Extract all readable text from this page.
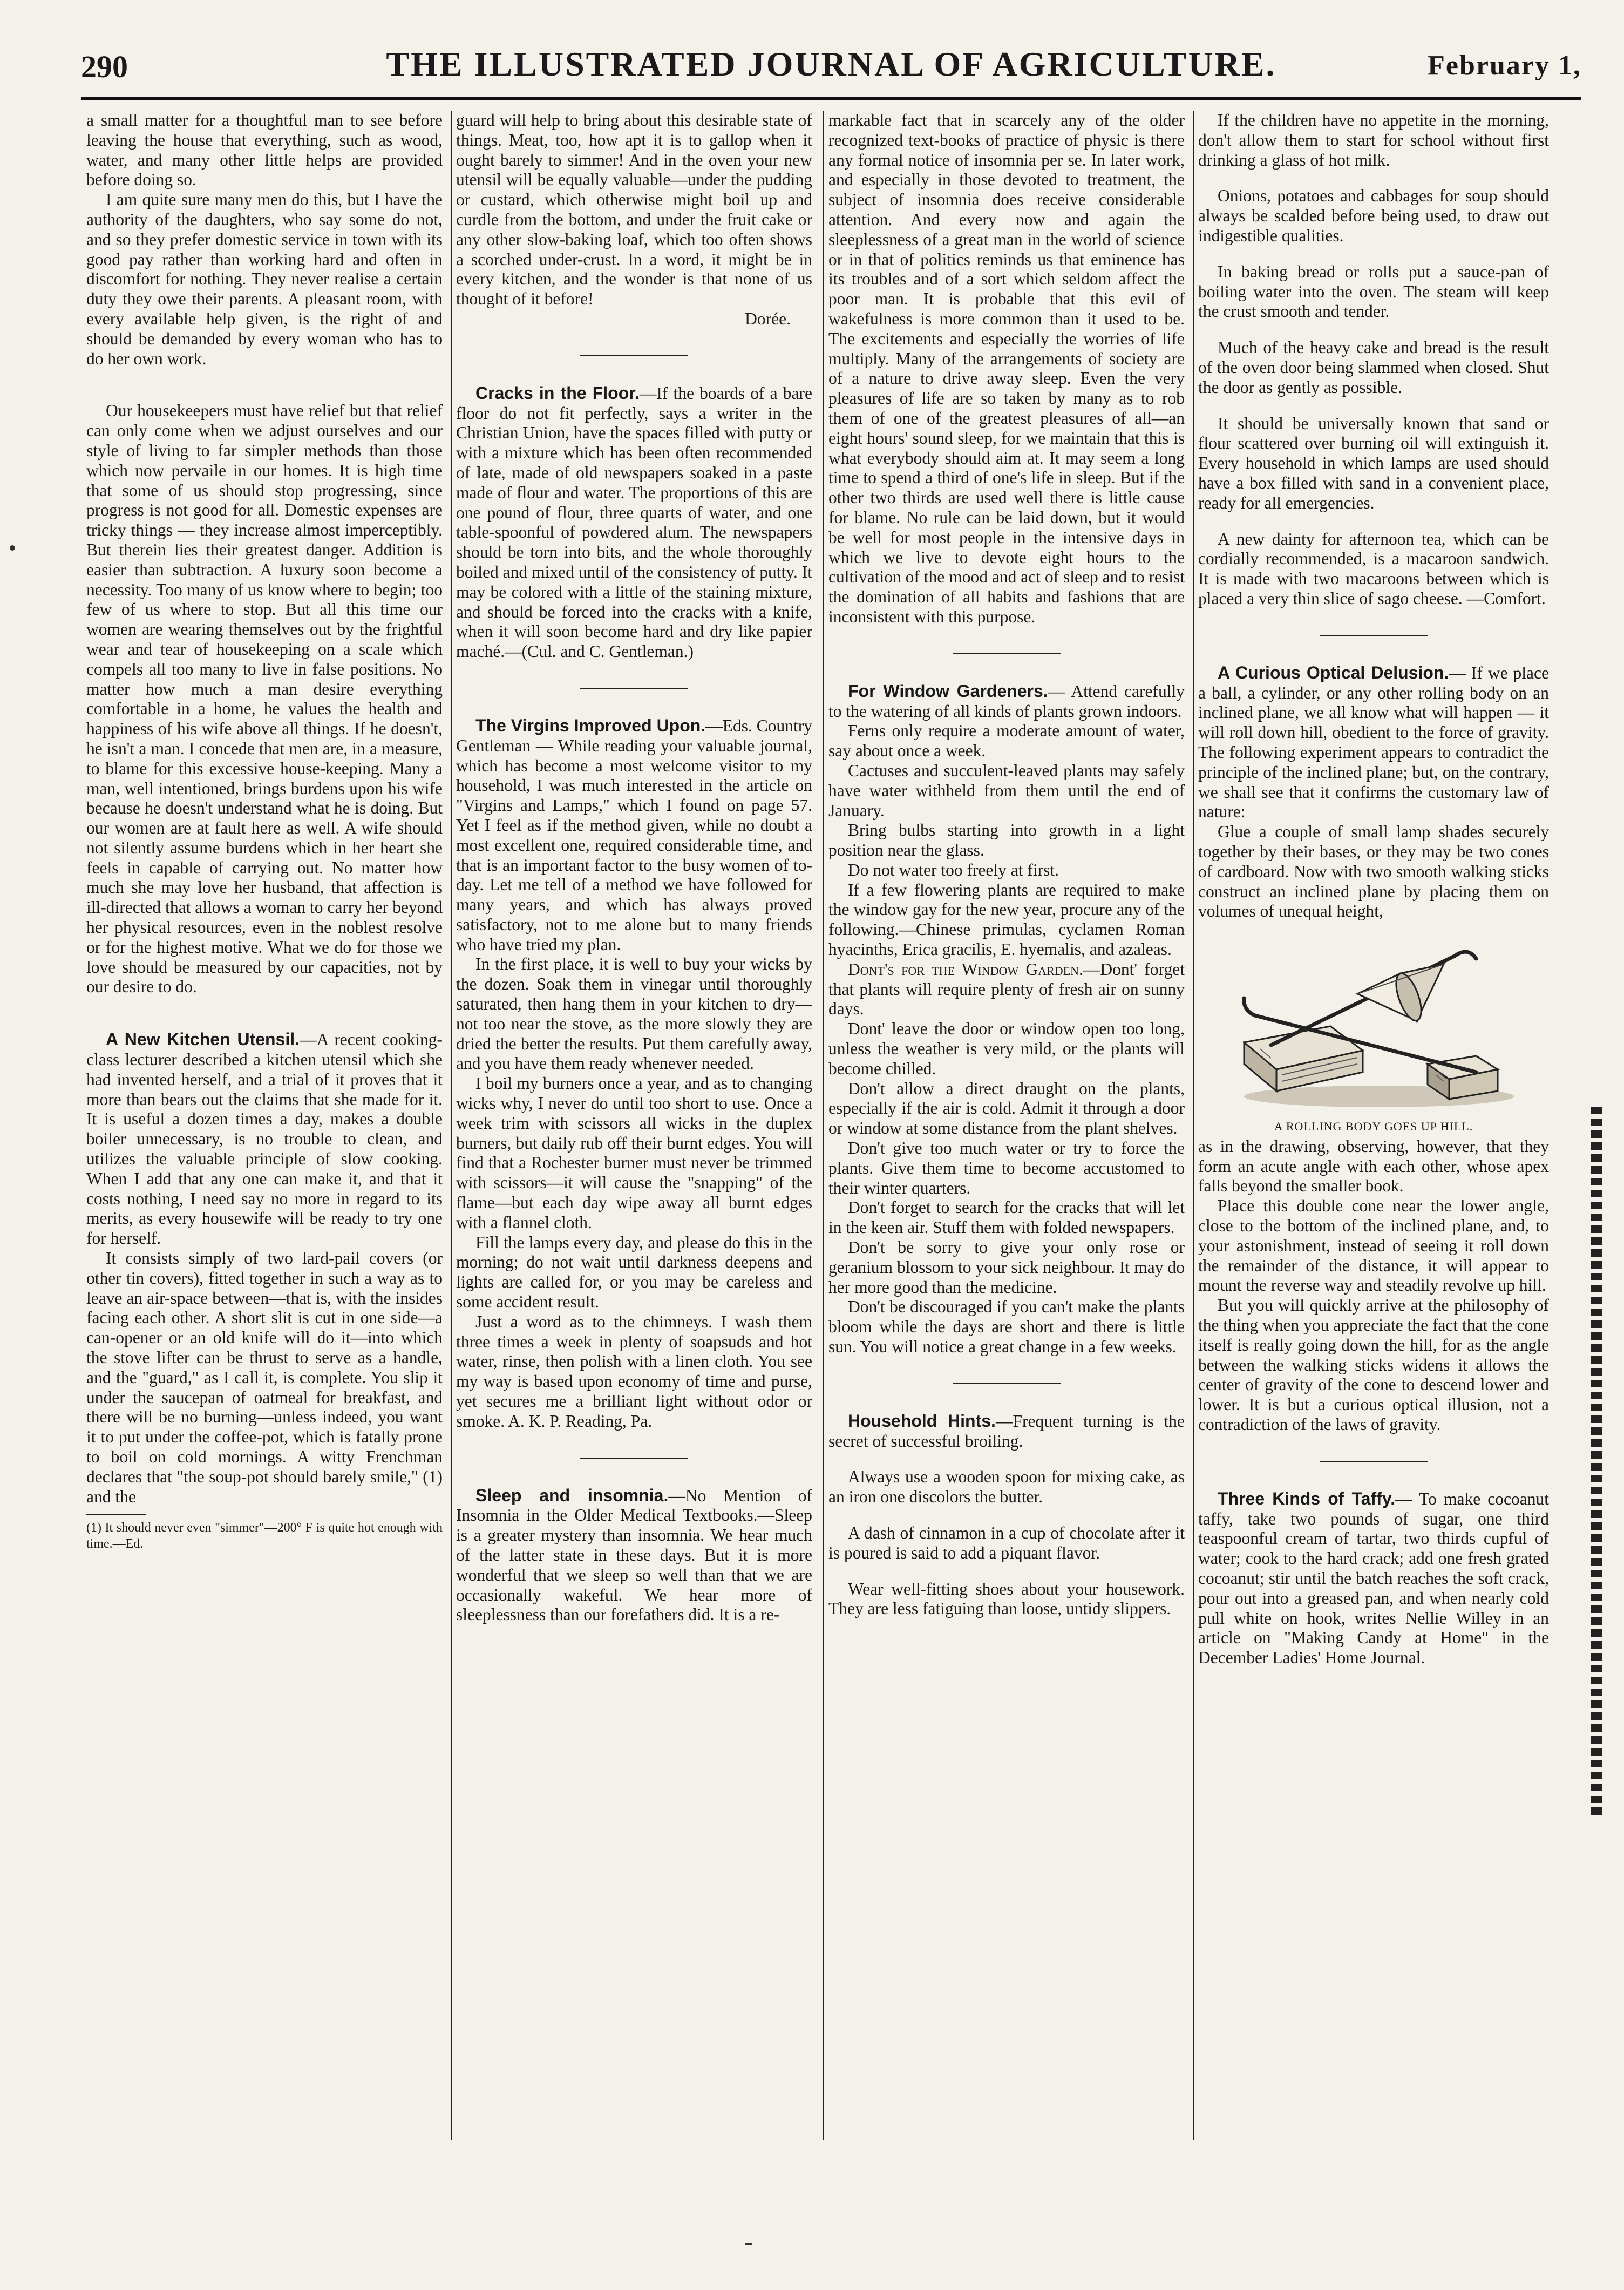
290	THE ILLUSTRATED JOURNAL OF AGRICULTURE.	February 1,

a small matter for a thoughtful man to see before leaving the house that everything, such as wood, water, and many other little helps are provided before doing so.

I am quite sure many men do this, but I have the authority of the daughters, who say some do not, and so they prefer domestic service in town with its good pay rather than working hard and often in discomfort for nothing. They never realise a certain duty they owe their parents. A pleasant room, with every available help given, is the right of and should be demanded by every woman who has to do her own work.

Our housekeepers must have relief but that relief can only come when we adjust ourselves and our style of living to far simpler methods than those which now pervaile in our homes. It is high time that some of us should stop progressing, since progress is not good for all. Domestic expenses are tricky things — they increase almost imperceptibly. But therein lies their greatest danger. Addition is easier than subtraction. A luxury soon become a necessity. Too many of us know where to begin; too few of us where to stop. But all this time our women are wearing themselves out by the frightful wear and tear of housekeeping on a scale which compels all too many to live in false positions. No matter how much a man desire everything comfortable in a home, he values the health and happiness of his wife above all things. If he doesn't, he isn't a man. I concede that men are, in a measure, to blame for this excessive house-keeping. Many a man, well intentioned, brings burdens upon his wife because he doesn't understand what he is doing. But our women are at fault here as well. A wife should not silently assume burdens which in her heart she feels in capable of carrying out. No matter how much she may love her husband, that affection is ill-directed that allows a woman to carry her beyond her physical resources, even in the noblest resolve or for the highest motive. What we do for those we love should be measured by our capacities, not by our desire to do.

A New Kitchen Utensil.—A recent cooking-class lecturer described a kitchen utensil which she had invented herself, and a trial of it proves that it more than bears out the claims that she made for it. It is useful a dozen times a day, makes a double boiler unnecessary, is no trouble to clean, and utilizes the valuable principle of slow cooking. When I add that any one can make it, and that it costs nothing, I need say no more in regard to its merits, as every housewife will be ready to try one for herself.

It consists simply of two lard-pail covers (or other tin covers), fitted together in such a way as to leave an air-space between—that is, with the insides facing each other. A short slit is cut in one side—a can-opener or an old knife will do it—into which the stove lifter can be thrust to serve as a handle, and the "guard," as I call it, is complete. You slip it under the saucepan of oatmeal for breakfast, and there will be no burning—unless indeed, you want it to put under the coffee-pot, which is fatally prone to boil on cold mornings. A witty Frenchman declares that "the soup-pot should barely smile," (1) and the

(1) It should never even "simmer"—200° F is quite hot enough with time.—Ed.

guard will help to bring about this desirable state of things. Meat, too, how apt it is to gallop when it ought barely to simmer! And in the oven your new utensil will be equally valuable—under the pudding or custard, which otherwise might boil up and curdle from the bottom, and under the fruit cake or any other slow-baking loaf, which too often shows a scorched under-crust. In a word, it might be in every kitchen, and the wonder is that none of us thought of it before!

Dorée.

Cracks in the Floor.—If the boards of a bare floor do not fit perfectly, says a writer in the Christian Union, have the spaces filled with putty or with a mixture which has been often recommended of late, made of old newspapers soaked in a paste made of flour and water. The proportions of this are one pound of flour, three quarts of water, and one table-spoonful of powdered alum. The newspapers should be torn into bits, and the whole thoroughly boiled and mixed until of the consistency of putty. It may be colored with a little of the staining mixture, and should be forced into the cracks with a knife, when it will soon become hard and dry like papier maché.—(Cul. and C. Gentleman.)

The Virgins Improved Upon.—Eds. Country Gentleman — While reading your valuable journal, which has become a most welcome visitor to my household, I was much interested in the article on "Virgins and Lamps," which I found on page 57. Yet I feel as if the method given, while no doubt a most excellent one, required considerable time, and that is an important factor to the busy women of to-day. Let me tell of a method we have followed for many years, and which has always proved satisfactory, not to me alone but to many friends who have tried my plan.

In the first place, it is well to buy your wicks by the dozen. Soak them in vinegar until thoroughly saturated, then hang them in your kitchen to dry—not too near the stove, as the more slowly they are dried the better the results. Put them carefully away, and you have them ready whenever needed.

I boil my burners once a year, and as to changing wicks why, I never do until too short to use. Once a week trim with scissors all wicks in the duplex burners, but daily rub off their burnt edges. You will find that a Rochester burner must never be trimmed with scissors—it will cause the "snapping" of the flame—but each day wipe away all burnt edges with a flannel cloth.

Fill the lamps every day, and please do this in the morning; do not wait until darkness deepens and lights are called for, or you may be careless and some accident result.

Just a word as to the chimneys. I wash them three times a week in plenty of soapsuds and hot water, rinse, then polish with a linen cloth. You see my way is based upon economy of time and purse, yet secures me a brilliant light without odor or smoke. A. K. P. Reading, Pa.

Sleep and insomnia.—No Mention of Insomnia in the Older Medical Textbooks.—Sleep is a greater mystery than insomnia. We hear much of the latter state in these days. But it is more wonderful that we sleep so well than that we are occasionally wakeful. We hear more of sleeplessness than our forefathers did. It is a re-

markable fact that in scarcely any of the older recognized text-books of practice of physic is there any formal notice of insomnia per se. In later work, and especially in those devoted to treatment, the subject of insomnia does receive considerable attention. And every now and again the sleeplessness of a great man in the world of science or in that of politics reminds us that eminence has its troubles and of a sort which seldom affect the poor man. It is probable that this evil of wakefulness is more common than it used to be. The excitements and especially the worries of life multiply. Many of the arrangements of society are of a nature to drive away sleep. Even the very pleasures of life are so taken by many as to rob them of one of the greatest pleasures of all—an eight hours' sound sleep, for we maintain that this is what everybody should aim at. It may seem a long time to spend a third of one's life in sleep. But if the other two thirds are used well there is little cause for blame. No rule can be laid down, but it would be well for most people in the intensive days in which we live to devote eight hours to the cultivation of the mood and act of sleep and to resist the domination of all habits and fashions that are inconsistent with this purpose.

For Window Gardeners.— Attend carefully to the watering of all kinds of plants grown indoors.

Ferns only require a moderate amount of water, say about once a week.

Cactuses and succulent-leaved plants may safely have water withheld from them until the end of January.

Bring bulbs starting into growth in a light position near the glass.

Do not water too freely at first.

If a few flowering plants are required to make the window gay for the new year, procure any of the following.—Chinese primulas, cyclamen Roman hyacinths, Erica gracilis, E. hyemalis, and azaleas.

Dont's for the Window Garden.—Dont' forget that plants will require plenty of fresh air on sunny days.

Dont' leave the door or window open too long, unless the weather is very mild, or the plants will become chilled.

Don't allow a direct draught on the plants, especially if the air is cold. Admit it through a door or window at some distance from the plant shelves.

Don't give too much water or try to force the plants. Give them time to become accustomed to their winter quarters.

Don't forget to search for the cracks that will let in the keen air. Stuff them with folded newspapers.

Don't be sorry to give your only rose or geranium blossom to your sick neighbour. It may do her more good than the medicine.

Don't be discouraged if you can't make the plants bloom while the days are short and there is little sun. You will notice a great change in a few weeks.

Household Hints.—Frequent turning is the secret of successful broiling.

Always use a wooden spoon for mixing cake, as an iron one discolors the butter.

A dash of cinnamon in a cup of chocolate after it is poured is said to add a piquant flavor.

Wear well-fitting shoes about your housework. They are less fatiguing than loose, untidy slippers.

If the children have no appetite in the morning, don't allow them to start for school without first drinking a glass of hot milk.

Onions, potatoes and cabbages for soup should always be scalded before being used, to draw out indigestible qualities.

In baking bread or rolls put a sauce-pan of boiling water into the oven. The steam will keep the crust smooth and tender.

Much of the heavy cake and bread is the result of the oven door being slammed when closed. Shut the door as gently as possible.

It should be universally known that sand or flour scattered over burning oil will extinguish it. Every household in which lamps are used should have a box filled with sand in a convenient place, ready for all emergencies.

A new dainty for afternoon tea, which can be cordially recommended, is a macaroon sandwich. It is made with two macaroons between which is placed a very thin slice of sago cheese. —Comfort.

A Curious Optical Delusion.— If we place a ball, a cylinder, or any other rolling body on an inclined plane, we all know what will happen — it will roll down hill, obedient to the force of gravity. The following experiment appears to contradict the principle of the inclined plane; but, on the contrary, we shall see that it confirms the customary law of nature:

Glue a couple of small lamp shades securely together by their bases, or they may be two cones of cardboard. Now with two smooth walking sticks construct an inclined plane by placing them on volumes of unequal height,

A ROLLING BODY GOES UP HILL.

as in the drawing, observing, however, that they form an acute angle with each other, whose apex falls beyond the smaller book.

Place this double cone near the lower angle, close to the bottom of the inclined plane, and, to your astonishment, instead of seeing it roll down the remainder of the distance, it will appear to mount the reverse way and steadily revolve up hill.

But you will quickly arrive at the philosophy of the thing when you appreciate the fact that the cone itself is really going down the hill, for as the angle between the walking sticks widens it allows the center of gravity of the cone to descend lower and lower. It is but a curious optical illusion, not a contradiction of the laws of gravity.

Three Kinds of Taffy.— To make cocoanut taffy, take two pounds of sugar, one third teaspoonful cream of tartar, two thirds cupful of water; cook to the hard crack; add one fresh grated cocoanut; stir until the batch reaches the soft crack, pour out into a greased pan, and when nearly cold pull white on hook, writes Nellie Willey in an article on "Making Candy at Home" in the December Ladies' Home Journal.
